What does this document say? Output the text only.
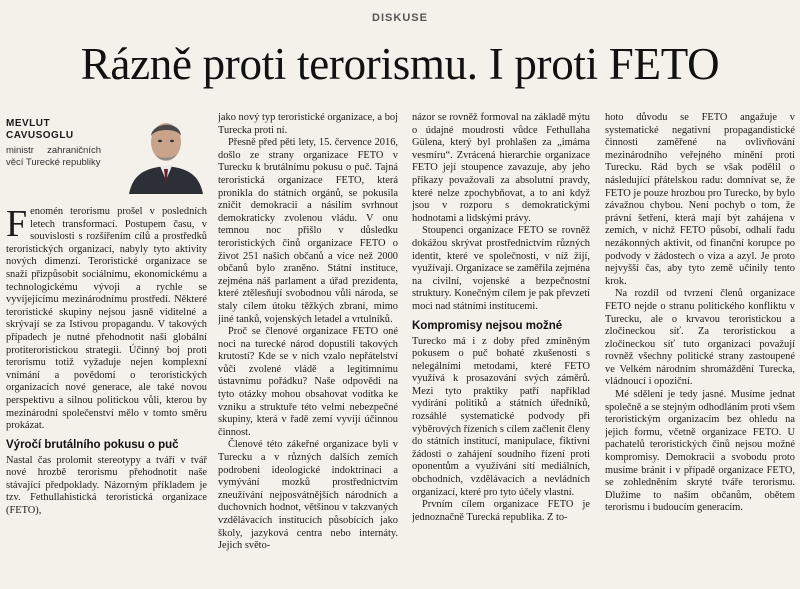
DISKUSE
Rázně proti terorismu. I proti FETO
MEVLUT
CAVUSOGLU
ministr zahraničních věcí Turecké republiky

Fenomén terorismu prošel v posledních letech transformací. Postupem času, v souvislosti s rozšířením cílů a prostředků teroristických organizací, nabyly tyto aktivity nových dimenzí. Teroristické organizace se snaží přizpůsobit sociálnímu, ekonomickému a technologickému vývoji a rychle se vyvíjejícímu mezinárodnímu prostředí. Některé teroristické skupiny nejsou jasně viditelné a skrývají se za Istivou propagandu. V takových případech je nutné přehodnotit naši globální protiteroristickou strategii. Účinný boj proti terorismu totiž vyžaduje nejen komplexní vnímání a povědomí o teroristických organizacích nové generace, ale také novou perspektivu a silnou politickou vůli, kterou by mezinárodní společenství mělo v tomto směru prokázat.

Výročí brutálního pokusu o puč

Nastal čas prolomit stereotypy a tváří v tvář nové hrozbě terorismu přehodnotit naše stávající předpoklady. Názorným příkladem je tzv. Fethullahistická teroristická organizace (FETO),

jako nový typ teroristické organizace, a boj Turecka proti ní.

Přesně před pěti lety, 15. července 2016, došlo ze strany organizace FETO v Turecku k brutálnímu pokusu o puč. Tajná teroristická organizace FETO, která pronikla do státních orgánů, se pokusila zničit demokracii a násilím svrhnout demokraticky zvolenou vládu. V onu temnou noc přišlo v důsledku teroristických činů organizace FETO o život 251 našich občanů a více než 2000 občanů bylo zraněno. Státní instituce, zejména náš parlament a úřad prezidenta, které ztělesňují svobodnou vůli národa, se staly cílem útoku těžkých zbraní, mimo jiné tanků, vojenských letadel a vrtulníků.

Proč se členové organizace FETO oné noci na turecké národ dopustili takových krutostí? Kde se v nich vzalo nepřátelství vůči zvolené vládě a legitimnímu ústavnímu pořádku? Naše odpovědi na tyto otázky mohou obsahovat vodítka ke vzniku a struktuře této velmi nebezpečné skupiny, která v řadě zemí vyvíjí účinnou činnost.

Členové této zákeřné organizace byli v Turecku a v různých dalších zemích podrobeni ideologické indoktrinaci a vymývání mozků prostřednictvím zneužívání nejposvátnějších národních a duchovních hodnot, většinou v takzvaných vzdělávacích institucích působících jako školy, jazyková centra nebo internáty. Jejich světo-

názor se rovněž formoval na základě mýtu o údajné moudrosti vůdce Fethullaha Gülena, který byl prohlašen za „imáma vesmíru“. Zvrácená hierarchie organizace FETO její stoupence zavazuje, aby jeho příkazy považovali za absolutní pravdy, které nelze zpochybňovat, a to ani když jsou v rozporu s demokratickými hodnotami a lidskými právy.

Stoupenci organizace FETO se rovněž dokážou skrývat prostřednictvím různých identit, které ve společnosti, v níž žijí, využívají. Organizace se zaměřila zejména na civilní, vojenské a bezpečnostní struktury. Konečným cílem je pak převzetí moci nad státními institucemi.

Kompromisy nejsou možné

Turecko má i z doby před zmíněným pokusem o puč bohaté zkušenosti s nelegálními metodami, které FETO využívá k prosazování svých záměrů. Mezi tyto praktiky patří například vydírání politiků a státních úředníků, rozsáhlé systematické podvody při výběrových řízeních s cílem začlenit členy do státních institucí, manipulace, fiktivní žádosti o zahájení soudního řízení proti oponentům a využívání sítí mediálních, obchodních, vzdělávacích a nevládních organizací, které pro tyto účely vlastní.

Prvním cílem organizace FETO je jednoznačně Turecká republika. Z to-

hoto důvodu se FETO angažuje v systematické negativní propagandistické činnosti zaměřené na ovlivňování mezinárodního veřejného mínění proti Turecku. Rád bych se však podělil o následující přátelskou radu: domnívat se, že FETO je pouze hrozbou pro Turecko, by bylo závažnou chybou. Není pochyb o tom, že právní šetření, která mají být zahájena v zemích, v nichž FETO působí, odhalí řadu nezákonných aktivit, od finanční korupce po podvody v žádostech o víza a azyl. Je proto nejvyšší čas, aby tyto země učinily tento krok.

Na rozdíl od tvrzení členů organizace FETO nejde o stranu politického konfliktu v Turecku, ale o krvavou teroristickou a zločineckou síť. Za teroristickou a zločineckou síť tuto organizaci považují rovněž všechny politické strany zastoupené ve Velkém národním shromáždění Turecka, vládnoucí i opoziční.

Mé sdělení je tedy jasné. Musíme jednat společně a se stejným odhodláním proti všem teroristickým organizacím bez ohledu na jejich formu, včetně organizace FETO. U pachatelů teroristických činů nejsou možné kompromisy. Demokracii a svobodu proto musíme bránit i v případě organizace FETO, se zohledněním skryté tváře terorismu. Dlužíme to našim občanům, obětem terorismu i budoucím generacím.
